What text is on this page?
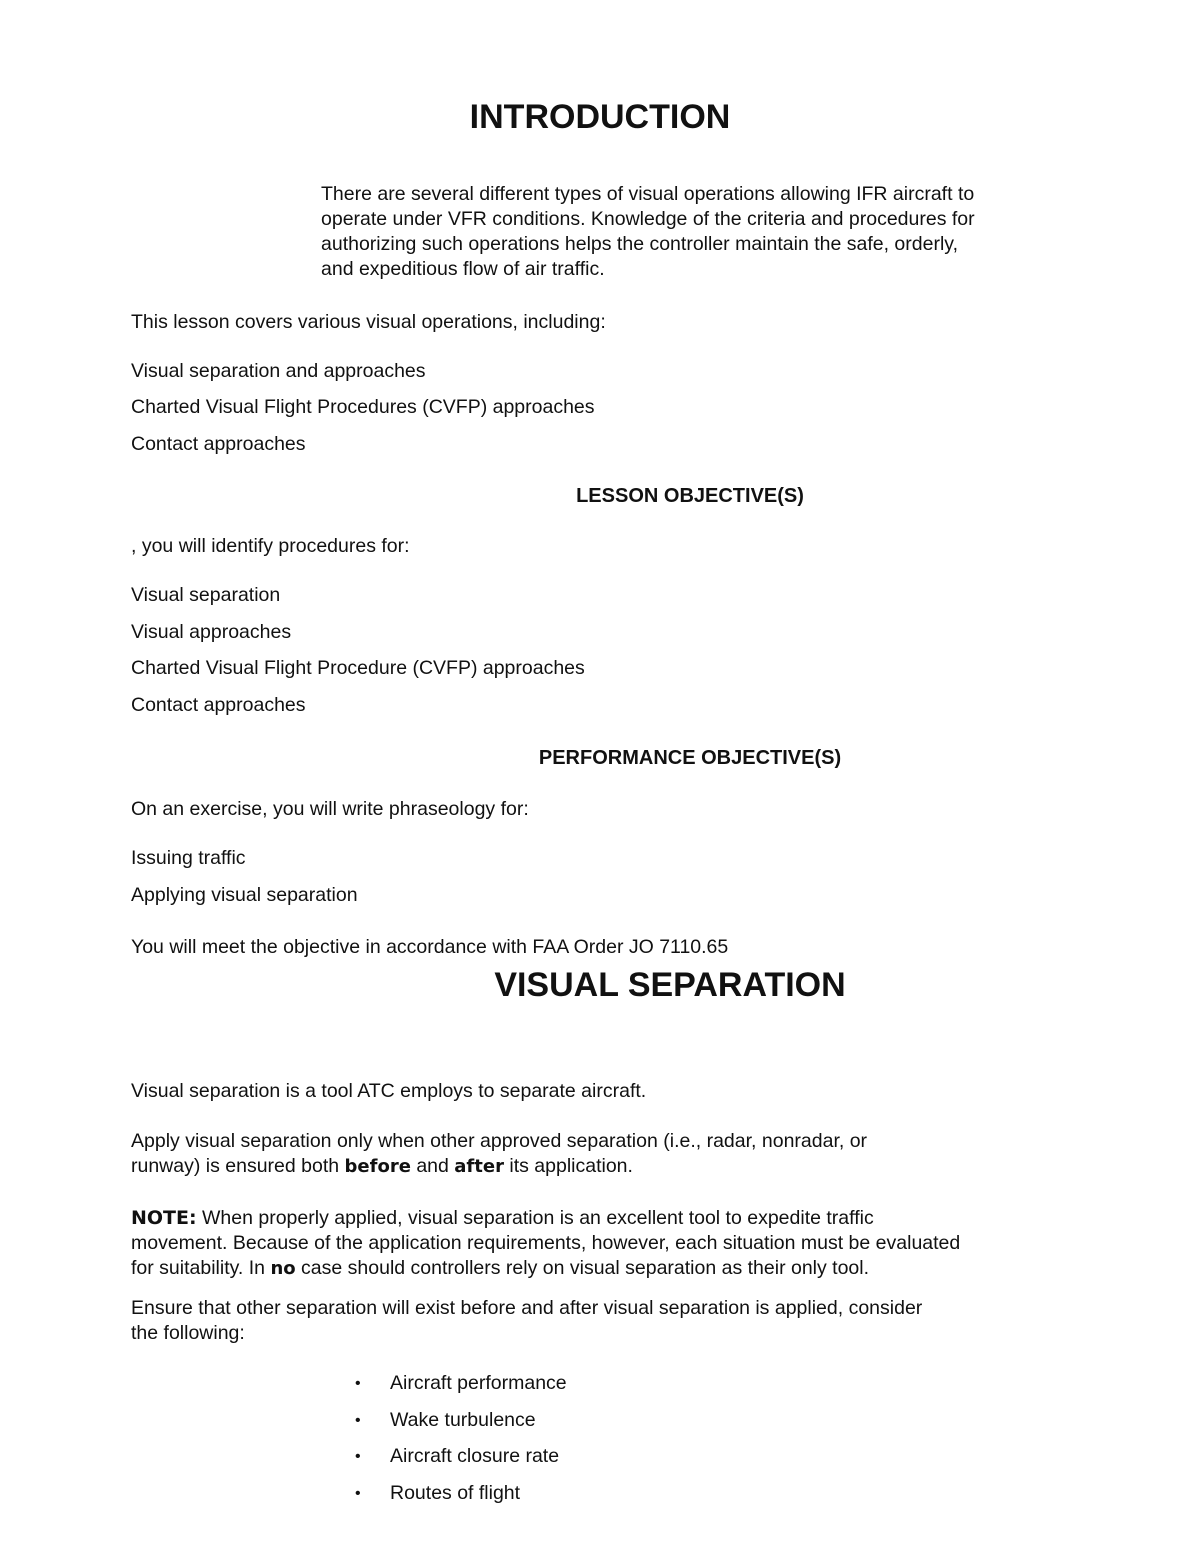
INTRODUCTION
There are several different types of visual operations allowing IFR aircraft to
operate under VFR conditions. Knowledge of the criteria and procedures for
authorizing such operations helps the controller maintain the safe, orderly,
and expeditious flow of air traffic.
This lesson covers various visual operations, including:
Visual separation and approaches
Charted Visual Flight Procedures (CVFP) approaches
Contact approaches
LESSON OBJECTIVE(S)
, you will identify procedures for:
Visual separation
Visual approaches
Charted Visual Flight Procedure (CVFP) approaches
Contact approaches
PERFORMANCE OBJECTIVE(S)
On an exercise, you will write phraseology for:
Issuing traffic
Applying visual separation
You will meet the objective in accordance with FAA Order JO 7110.65
VISUAL SEPARATION
Visual separation is a tool ATC employs to separate aircraft.
Apply visual separation only when other approved separation (i.e., radar, nonradar, or
runway) is ensured both before and after its application.
NOTE: When properly applied, visual separation is an excellent tool to expedite traffic
movement. Because of the application requirements, however, each situation must be evaluated
for suitability. In no case should controllers rely on visual separation as their only tool.
Ensure that other separation will exist before and after visual separation is applied, consider
the following:
• Aircraft performance
• Wake turbulence
• Aircraft closure rate
• Routes of flight
